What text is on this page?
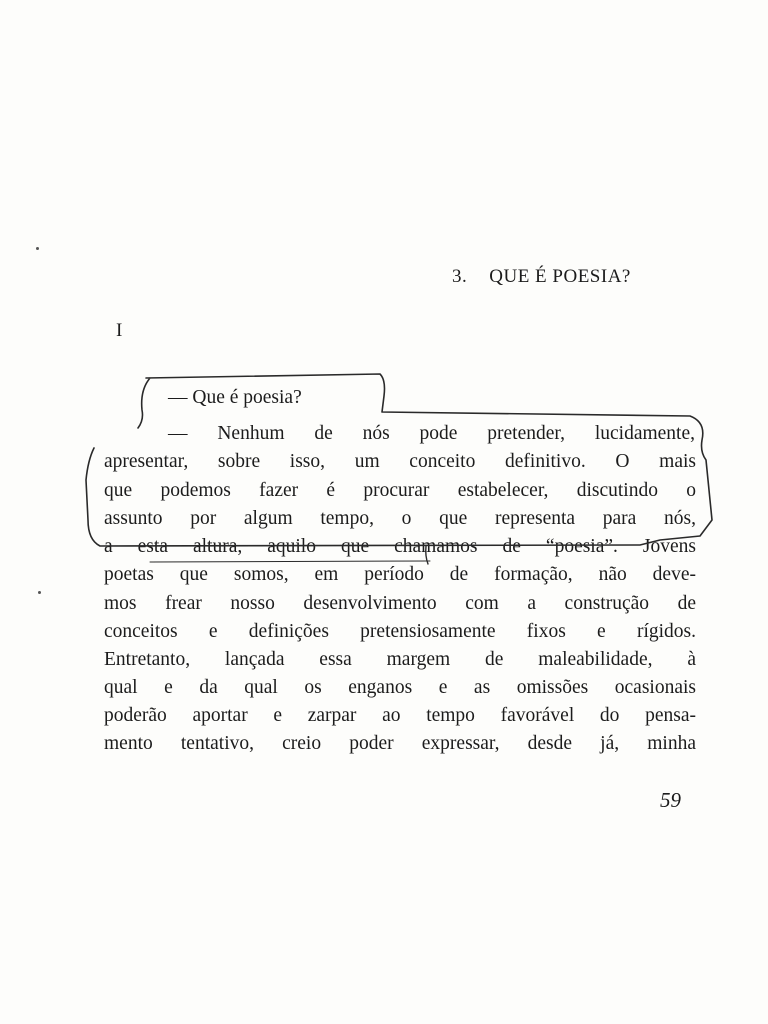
3. QUE É POESIA?
I
— Que é poesia?
— Nenhum de nós pode pretender, lucidamente,
apresentar, sobre isso, um conceito definitivo. O mais
que podemos fazer é procurar estabelecer, discutindo o
assunto por algum tempo, o que representa para nós,
a esta altura, aquilo que chamamos de “poesia”. Jovens
poetas que somos, em período de formação, não deve-
mos frear nosso desenvolvimento com a construção de
conceitos e definições pretensiosamente fixos e rígidos.
Entretanto, lançada essa margem de maleabilidade, à
qual e da qual os enganos e as omissões ocasionais
poderão aportar e zarpar ao tempo favorável do pensa-
mento tentativo, creio poder expressar, desde já, minha
59
